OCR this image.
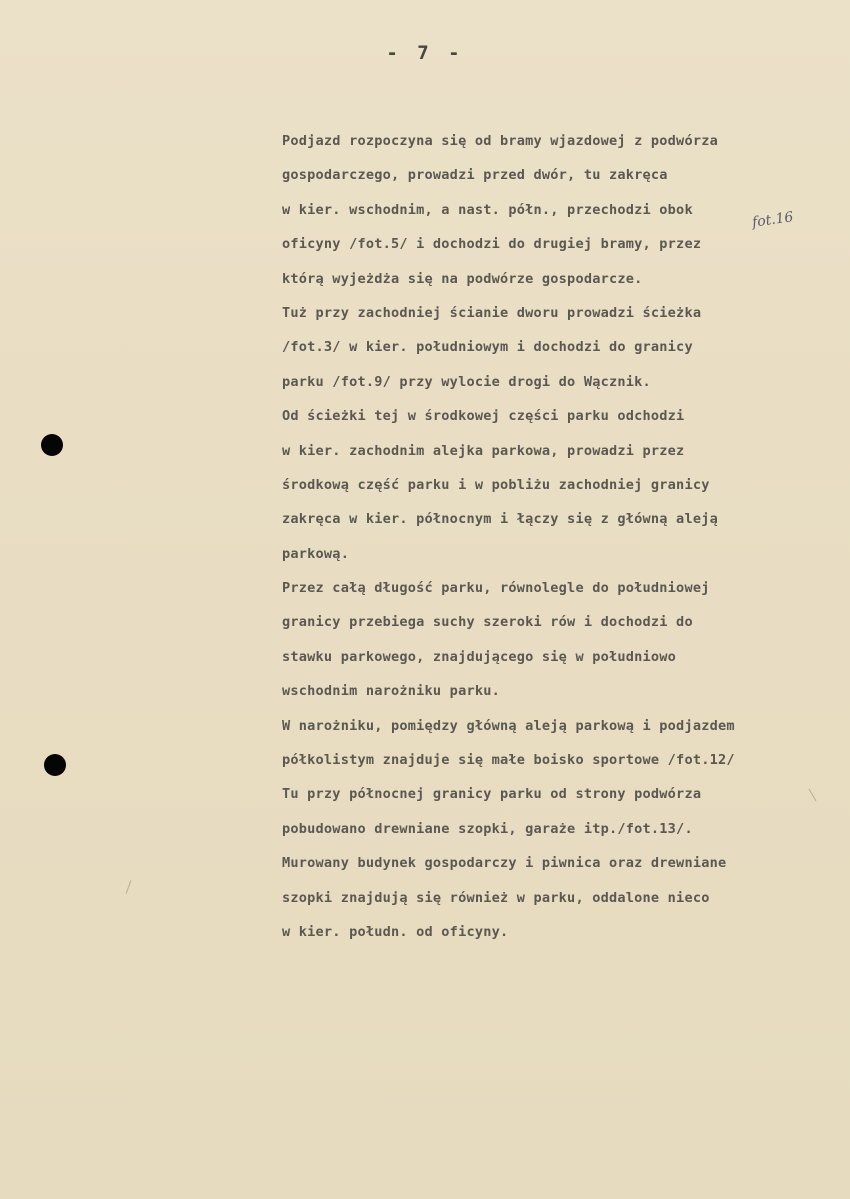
- 7 -
fot.16
Podjazd rozpoczyna się od bramy wjazdowej z podwórza
gospodarczego, prowadzi przed dwór, tu zakręca
w kier. wschodnim, a nast. półn., przechodzi obok
oficyny /fot.5/ i dochodzi do drugiej bramy, przez
którą wyjeżdża się na podwórze gospodarcze.
Tuż przy zachodniej ścianie dworu prowadzi ścieżka
/fot.3/ w kier. południowym i dochodzi do granicy
parku /fot.9/ przy wylocie drogi do Wącznik.
Od ścieżki tej w środkowej części parku odchodzi
w kier. zachodnim alejka parkowa, prowadzi przez
środkową część parku i w pobliżu zachodniej granicy
zakręca w kier. północnym i łączy się z główną aleją
parkową.
Przez całą długość parku, równolegle do południowej
granicy przebiega suchy szeroki rów i dochodzi do
stawku parkowego, znajdującego się w południowo
wschodnim narożniku parku.
W narożniku, pomiędzy główną aleją parkową i podjazdem
półkolistym znajduje się małe boisko sportowe /fot.12/
Tu przy północnej granicy parku od strony podwórza
pobudowano drewniane szopki, garaże itp./fot.13/.
Murowany budynek gospodarczy i piwnica oraz drewniane
szopki znajdują się również w parku, oddalone nieco
w kier. połudn. od oficyny.
